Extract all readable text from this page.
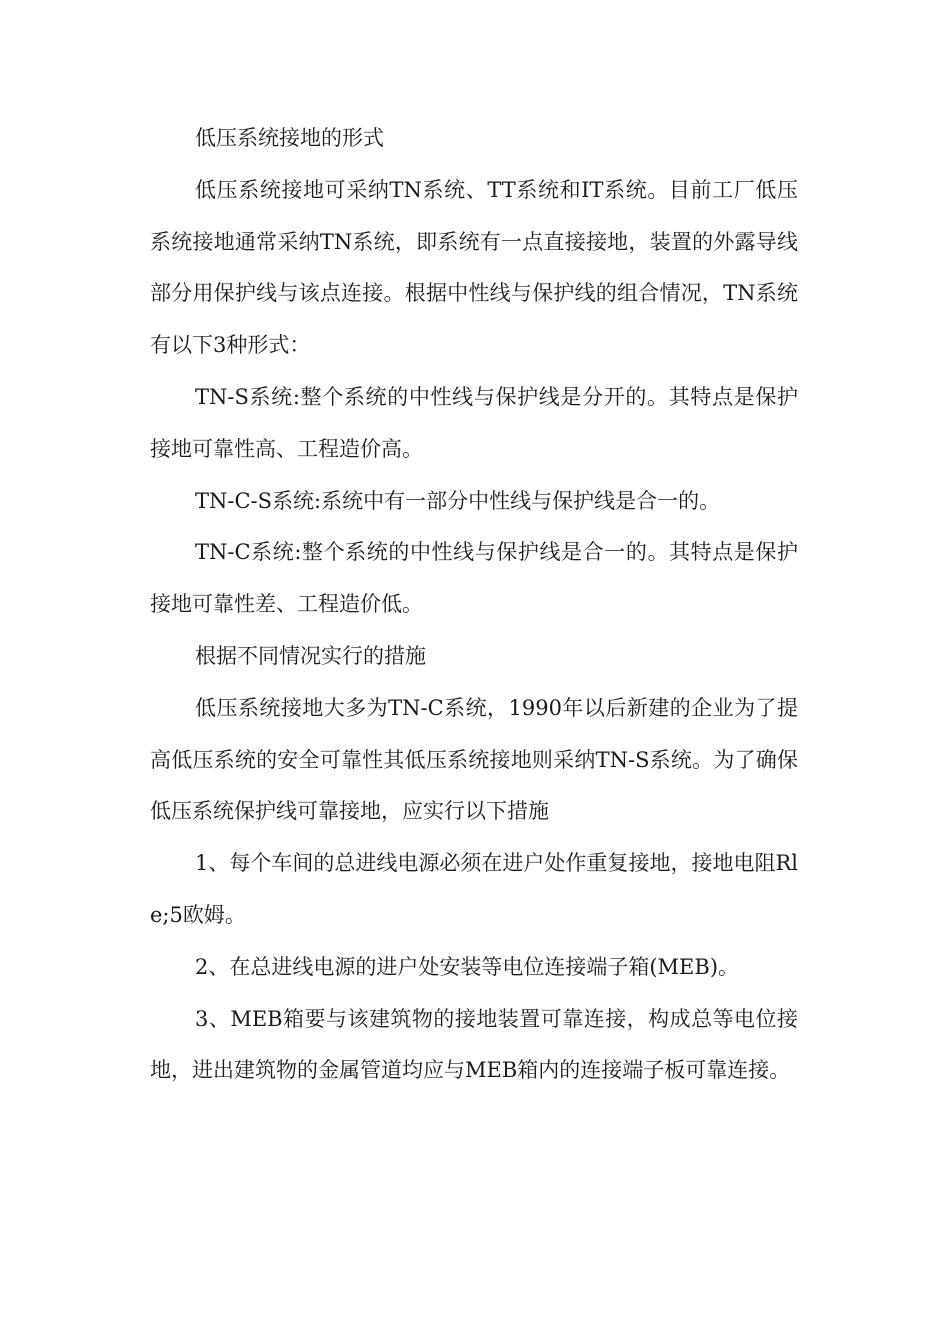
低压系统接地的形式

低压系统接地可采纳TN系统、TT系统和IT系统。目前工厂低压系统接地通常采纳TN系统，即系统有一点直接接地，装置的外露导线部分用保护线与该点连接。根据中性线与保护线的组合情况，TN系统有以下3种形式：

TN-S系统:整个系统的中性线与保护线是分开的。其特点是保护接地可靠性高、工程造价高。

TN-C-S系统:系统中有一部分中性线与保护线是合一的。

TN-C系统:整个系统的中性线与保护线是合一的。其特点是保护接地可靠性差、工程造价低。

根据不同情况实行的措施

低压系统接地大多为TN-C系统，1990年以后新建的企业为了提高低压系统的安全可靠性其低压系统接地则采纳TN-S系统。为了确保低压系统保护线可靠接地，应实行以下措施

1、每个车间的总进线电源必须在进户处作重复接地，接地电阻Rle;5欧姆。

2、在总进线电源的进户处安装等电位连接端子箱(MEB)。

3、MEB箱要与该建筑物的接地装置可靠连接，构成总等电位接地，进出建筑物的金属管道均应与MEB箱内的连接端子板可靠连接。
